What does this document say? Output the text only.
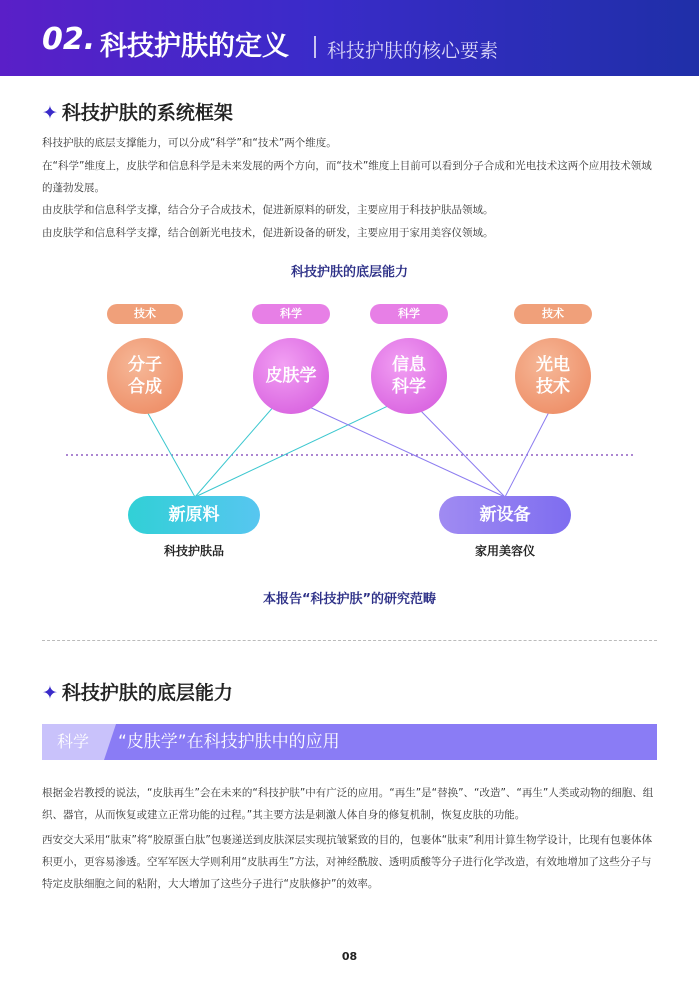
02. 科技护肤的定义 科技护肤的核心要素
✦ 科技护肤的系统框架
科技护肤的底层支撑能力，可以分成“科学”和“技术”两个维度。
在“科学”维度上，皮肤学和信息科学是未来发展的两个方向，而“技术”维度上目前可以看到分子合成和光电技术这两个应用技术领域的蓬勃发展。
由皮肤学和信息科学支撑，结合分子合成技术，促进新原料的研发，主要应用于科技护肤品领域。
由皮肤学和信息科学支撑，结合创新光电技术，促进新设备的研发，主要应用于家用美容仪领域。
科技护肤的底层能力
技术	科学	科学	技术
分子
合成
皮肤学
信息
科学
光电
技术
新原料	新设备
科技护肤品	家用美容仪
本报告“科技护肤”的研究范畴
✦ 科技护肤的底层能力
科学	“皮肤学”在科技护肤中的应用
根据金岩教授的说法，“皮肤再生”会在未来的“科技护肤”中有广泛的应用。“再生”是“替换”、“改造”、“再生”人类或动物的细胞、组织、器官，从而恢复或建立正常功能的过程。”其主要方法是刺激人体自身的修复机制，恢复皮肤的功能。
西安交大采用“肽束”将“胶原蛋白肽”包裹递送到皮肤深层实现抗皱紧致的目的，包裹体“肽束”利用计算生物学设计，比现有包裹体体积更小，更容易渗透。空军军医大学则利用“皮肤再生”方法，对神经酰胺、透明质酸等分子进行化学改造，有效地增加了这些分子与特定皮肤细胞之间的粘附，大大增加了这些分子进行“皮肤修护”的效率。
08
